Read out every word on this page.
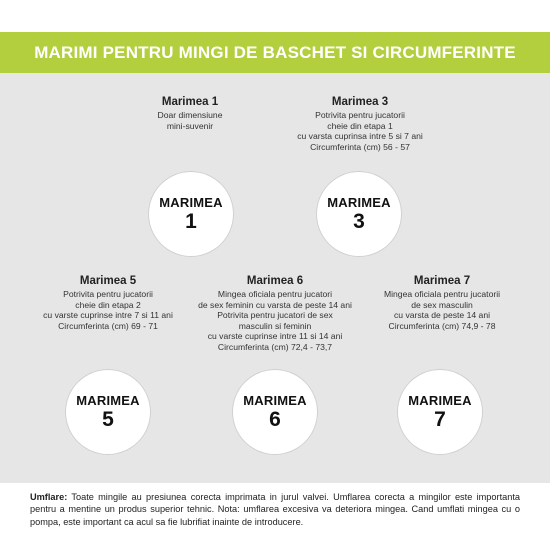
MARIMI PENTRU MINGI DE BASCHET SI CIRCUMFERINTE
Marimea 1
Doar dimensiune
mini-suvenir
MARIMEA
1
Marimea 3
Potrivita pentru jucatorii
cheie din etapa 1
cu varsta cuprinsa intre 5 si 7 ani
Circumferinta (cm) 56 - 57
MARIMEA
3
Marimea 5
Potrivita pentru jucatorii
cheie din etapa 2
cu varste cuprinse intre 7 si 11 ani
Circumferinta (cm) 69 - 71
MARIMEA
5
Marimea 6
Mingea oficiala pentru jucatori
de sex feminin cu varsta de peste 14 ani
Potrivita pentru jucatori de sex
masculin si feminin
cu varste cuprinse intre 11 si 14 ani
Circumferinta (cm) 72,4 - 73,7
MARIMEA
6
Marimea 7
Mingea oficiala pentru jucatorii
de sex masculin
cu varsta de peste 14 ani
Circumferinta (cm) 74,9 - 78
MARIMEA
7
Umflare: Toate mingile au presiunea corecta imprimata in jurul valvei. Umflarea corecta a mingilor este importanta pentru a mentine un produs superior tehnic. Nota: umflarea excesiva va deteriora mingea. Cand umflati mingea cu o pompa, este important ca acul sa fie lubrifiat inainte de introducere.
